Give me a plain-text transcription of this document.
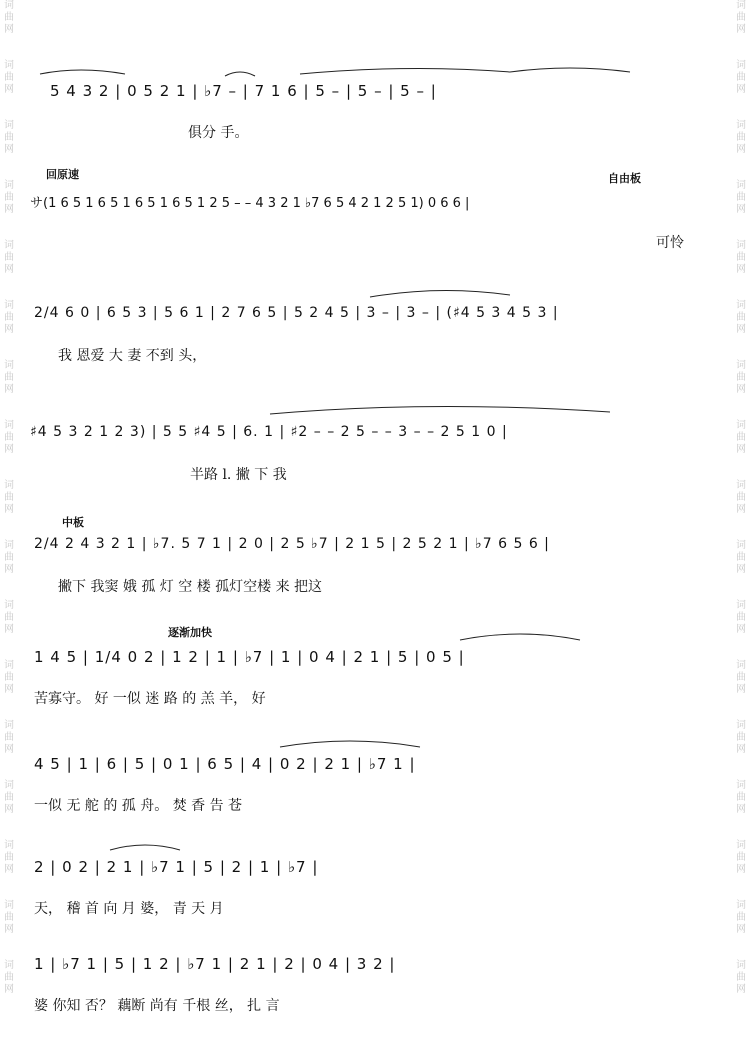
词
曲
网
词
曲
网
词
曲
网
词
曲
网
词
曲
网
词
曲
网
词
曲
网
词
曲
网
词
曲
网
词
曲
网
词
曲
网
词
曲
网
词
曲
网
词
曲
网
词
曲
网
词
曲
网
词
曲
网
词
曲
网
词
曲
网
词
曲
网
词
曲
网
词
曲
网
词
曲
网
词
曲
网
词
曲
网
词
曲
网
词
曲
网
词
曲
网
词
曲
网
词
曲
网
词
曲
网
词
曲
网
词
曲
网
词
曲
网
5 4 3 2 | 0 5 2 1 | ♭7 – | 7 1 6 | 5 – | 5 – | 5 – |
俱分 手。
回原速	自由板
サ(1 6 5 1 6 5 1 6 5 1 6 5 1 2 5 – – 4 3 2 1 ♭7 6 5 4 2 1 2 5 1) 0 6 6 |
可怜
2/4 6 0 | 6 5 3 | 5 6 1 | 2 7 6 5 | 5 2 4 5 | 3 – | 3 – | (♯4 5 3 4 5 3 |
我 恩爱 大 妻 不到 头，
♯4 5 3 2 1 2 3) | 5 5 ♯4 5 | 6. 1 | ♯2 – – 2 5 – – 3 – – 2 5 1 0 |
半路 l. 撇 下 我
中板
2/4 2 4 3 2 1 | ♭7. 5 7 1 | 2 0 | 2 5 ♭7 | 2 1 5 | 2 5 2 1 | ♭7 6 5 6 |
撇下 我窦 娥 孤 灯 空 楼 孤灯空楼 来 把这
逐渐加快
1 4 5 | 1/4 0 2 | 1 2 | 1 | ♭7 | 1 | 0 4 | 2 1 | 5 | 0 5 |
苦寡守。 好 一似 迷 路 的 羔 羊， 好
4 5 | 1 | 6 | 5 | 0 1 | 6 5 | 4 | 0 2 | 2 1 | ♭7 1 |
一似 无 舵 的 孤 舟。 焚 香 告 苍
2 | 0 2 | 2 1 | ♭7 1 | 5 | 2 | 1 | ♭7 |
天， 稽 首 向 月 婆， 青 天 月
1 | ♭7 1 | 5 | 1 2 | ♭7 1 | 2 1 | 2 | 0 4 | 3 2 |
婆 你知 否？ 藕断 尚有 千根 丝， 扎 言
